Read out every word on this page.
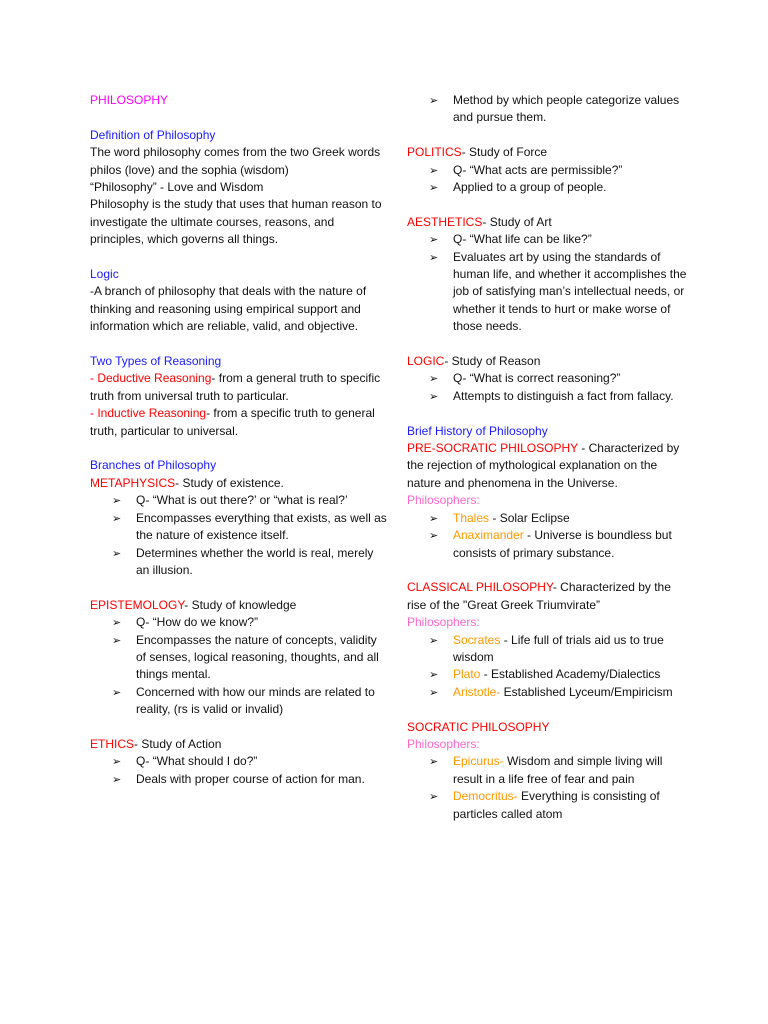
PHILOSOPHY

Definition of Philosophy

The word philosophy comes from the two Greek words philos (love) and the sophia (wisdom)

“Philosophy” - Love and Wisdom

Philosophy is the study that uses that human reason to investigate the ultimate courses, reasons, and principles, which governs all things.

Logic

-A branch of philosophy that deals with the nature of thinking and reasoning using empirical support and information which are reliable, valid, and objective.

Two Types of Reasoning

- Deductive Reasoning- from a general truth to specific truth from universal truth to particular.

- Inductive Reasoning- from a specific truth to general truth, particular to universal.

Branches of Philosophy

METAPHYSICS- Study of existence.

➢	Q- “What is out there?’ or “what is real?’
➢	Encompasses everything that exists, as well as the nature of existence itself.
➢	Determines whether the world is real, merely an illusion.

EPISTEMOLOGY- Study of knowledge

➢	Q- “How do we know?”
➢	Encompasses the nature of concepts, validity of senses, logical reasoning, thoughts, and all things mental.
➢	Concerned with how our minds are related to reality, (rs is valid or invalid)

ETHICS- Study of Action

➢	Q- “What should I do?”
➢	Deals with proper course of action for man.
➢	Method by which people categorize values and pursue them.

POLITICS- Study of Force

➢	Q- “What acts are permissible?”
➢	Applied to a group of people.

AESTHETICS- Study of Art

➢	Q- “What life can be like?”
➢	Evaluates art by using the standards of human life, and whether it accomplishes the job of satisfying man’s intellectual needs, or whether it tends to hurt or make worse of those needs.

LOGIC- Study of Reason

➢	Q- “What is correct reasoning?”
➢	Attempts to distinguish a fact from fallacy.

Brief History of Philosophy

PRE-SOCRATIC PHILOSOPHY - Characterized by the rejection of mythological explanation on the nature and phenomena in the Universe.

Philosophers:

➢	Thales - Solar Eclipse
➢	Anaximander - Universe is boundless but consists of primary substance.

CLASSICAL PHILOSOPHY- Characterized by the rise of the "Great Greek Triumvirate”

Philosophers:

➢	Socrates - Life full of trials aid us to true wisdom
➢	Plato - Established Academy/Dialectics
➢	Aristotle- Established Lyceum/Empiricism

SOCRATIC PHILOSOPHY

Philosophers:

➢	Epicurus- Wisdom and simple living will result in a life free of fear and pain
➢	Democritus- Everything is consisting of particles called atom
